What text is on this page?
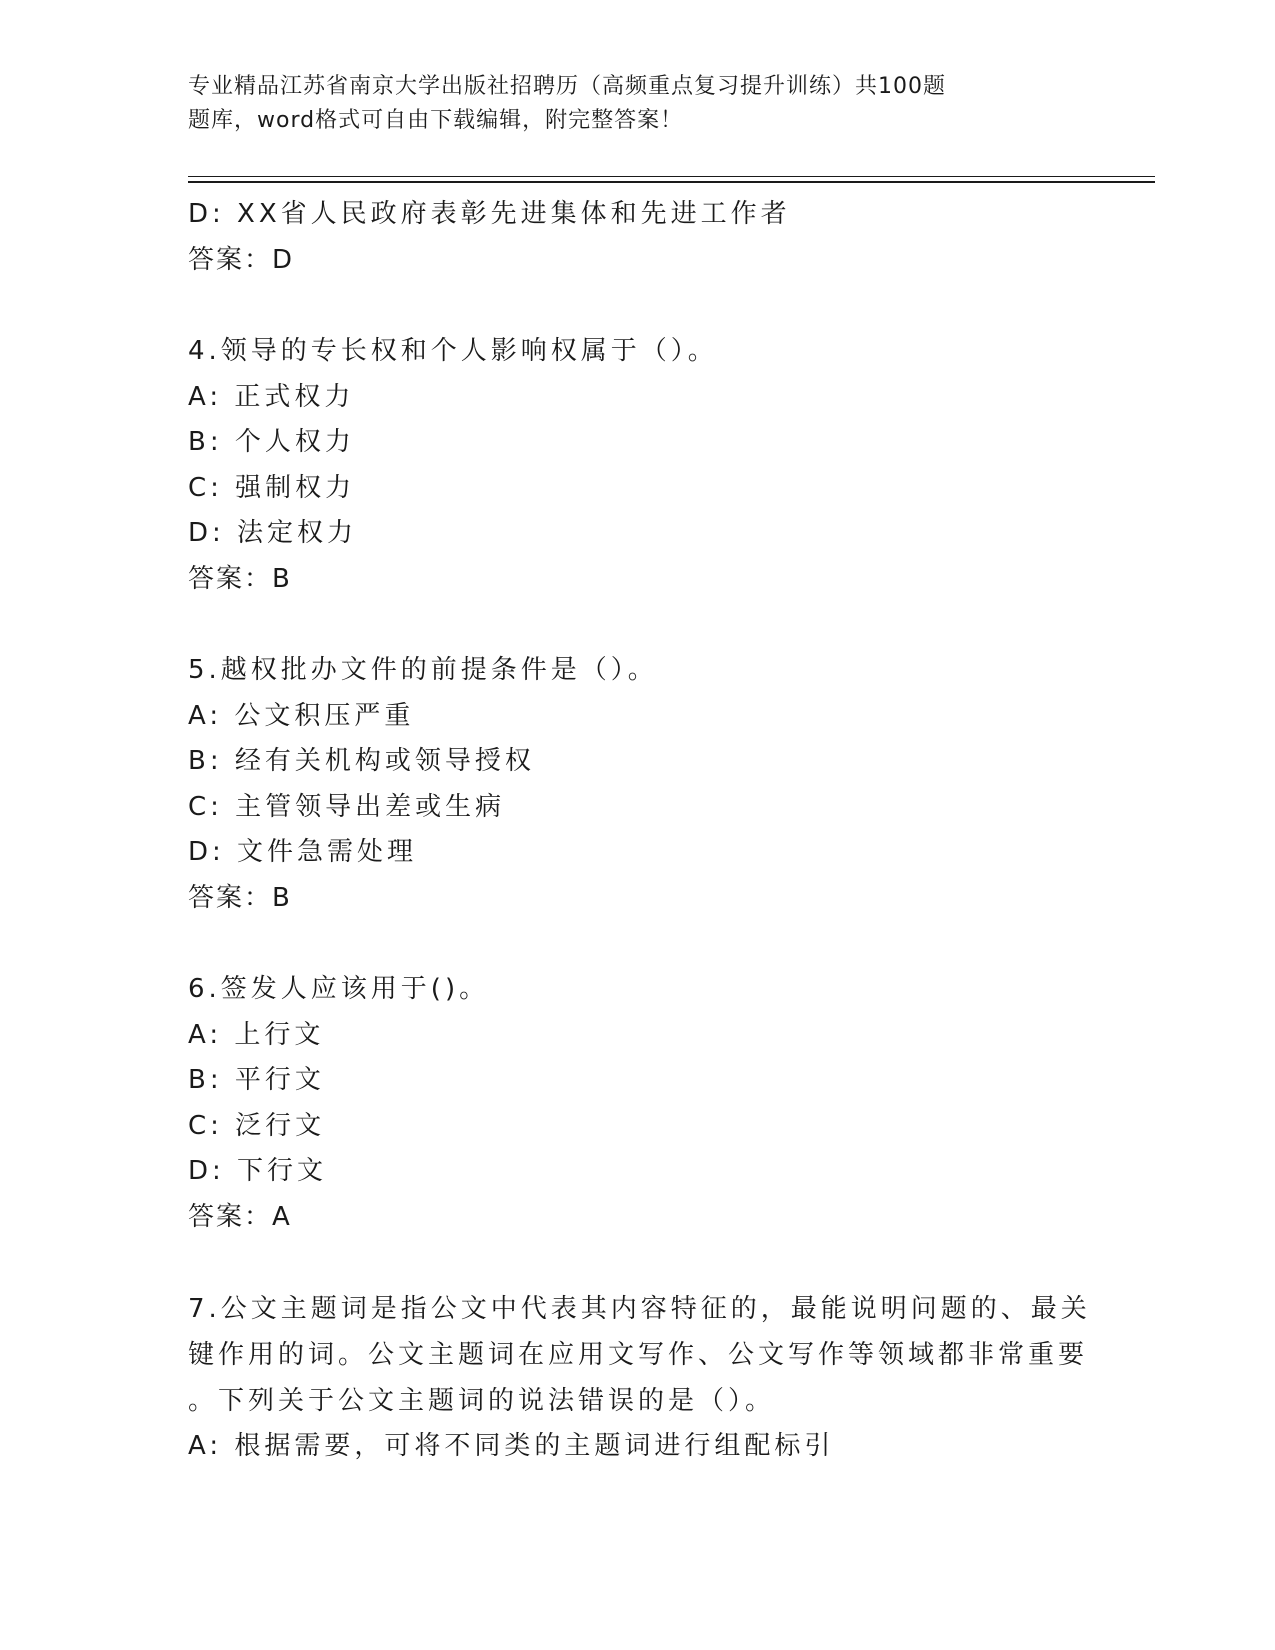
专业精品江苏省南京大学出版社招聘历（高频重点复习提升训练）共100题
题库，word格式可自由下载编辑，附完整答案！
D: XX省人民政府表彰先进集体和先进工作者
答案：D
4.领导的专长权和个人影响权属于（）。
A: 正式权力
B: 个人权力
C: 强制权力
D: 法定权力
答案：B
5.越权批办文件的前提条件是（）。
A: 公文积压严重
B: 经有关机构或领导授权
C: 主管领导出差或生病
D: 文件急需处理
答案：B
6.签发人应该用于()。
A: 上行文
B: 平行文
C: 泛行文
D: 下行文
答案：A
7.公文主题词是指公文中代表其内容特征的，最能说明问题的、最关
键作用的词。公文主题词在应用文写作、公文写作等领域都非常重要
。下列关于公文主题词的说法错误的是（）。
A: 根据需要，可将不同类的主题词进行组配标引
